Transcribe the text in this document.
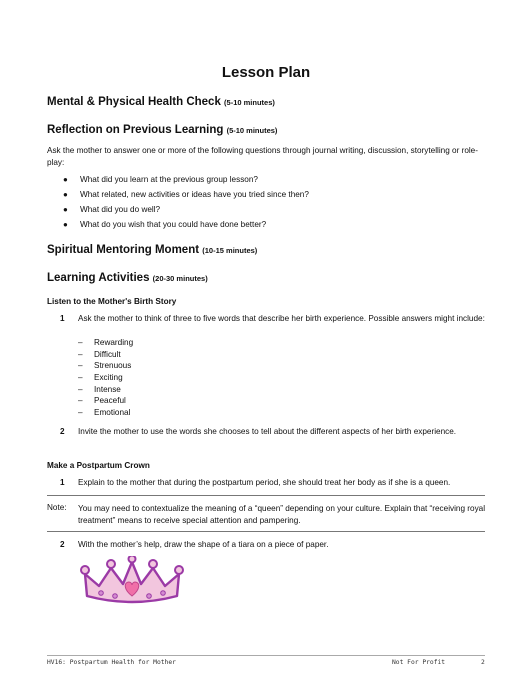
Lesson Plan
Mental & Physical Health Check (5-10 minutes)
Reflection on Previous Learning (5-10 minutes)
Ask the mother to answer one or more of the following questions through journal writing, discussion, storytelling or role-play:
● What did you learn at the previous group lesson?
● What related, new activities or ideas have you tried since then?
● What did you do well?
● What do you wish that you could have done better?
Spiritual Mentoring Moment (10-15 minutes)
Learning Activities (20-30 minutes)
Listen to the Mother's Birth Story
1 Ask the mother to think of three to five words that describe her birth experience. Possible answers might include:
– Rewarding
– Difficult
– Strenuous
– Exciting
– Intense
– Peaceful
– Emotional
2 Invite the mother to use the words she chooses to tell about the different aspects of her birth experience.
Make a Postpartum Crown
1 Explain to the mother that during the postpartum period, she should treat her body as if she is a queen.
Note: You may need to contextualize the meaning of a “queen” depending on your culture. Explain that “receiving royal treatment” means to receive special attention and pampering.
2 With the mother’s help, draw the shape of a tiara on a piece of paper.
HV16: Postpartum Health for Mother	Not For Profit	2
